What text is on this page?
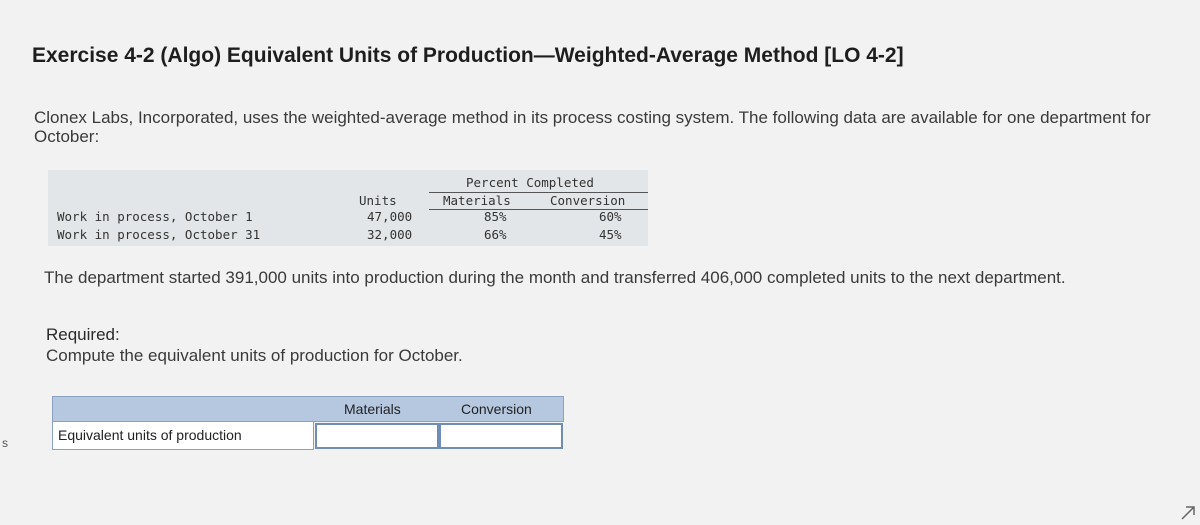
Exercise 4-2 (Algo) Equivalent Units of Production—Weighted-Average Method [LO 4-2]
Clonex Labs, Incorporated, uses the weighted-average method in its process costing system. The following data are available for one department for October:
Percent Completed
Units	Materials	Conversion
Work in process, October 1	47,000	85%	60%
Work in process, October 31	32,000	66%	45%
The department started 391,000 units into production during the month and transferred 406,000 completed units to the next department.
Required:
Compute the equivalent units of production for October.
Materials	Conversion
Equivalent units of production
s
